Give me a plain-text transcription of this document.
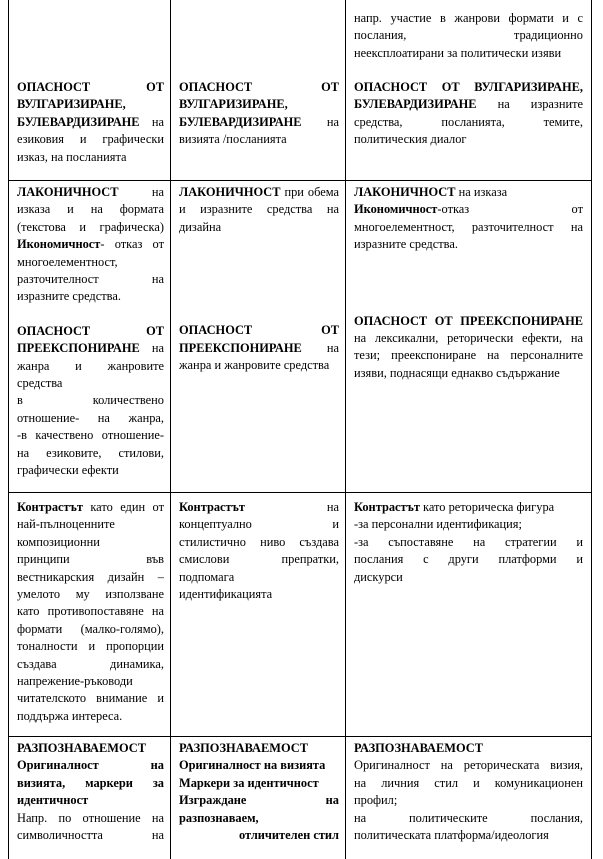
напр. участие в жанрови формати и с

послания, традиционно

неексплоатирани за политически изяви

ОПАСНОСТ ОТ

ВУЛГАРИЗИРАНЕ,

БУЛЕВАРДИЗИРАНЕ на

езиковия и графически

изказ, на посланията

ОПАСНОСТ ОТ

ВУЛГАРИЗИРАНЕ,

БУЛЕВАРДИЗИРАНЕ на

визията /посланията

ОПАСНОСТ ОТ ВУЛГАРИЗИРАНЕ,

БУЛЕВАРДИЗИРАНЕ на изразните

средства, посланията, темите,

политическия диалог

ЛАКОНИЧНОСТ на

изказа и на формата

(текстова и графическа)

Икономичност- отказ от

многоелементност,

разточителност на

изразните средства.

ОПАСНОСТ ОТ

ПРЕЕКСПОНИРАНЕ на

жанра и жанровите

средства

в количествено

отношение- на жанра,

-в качествено отношение-

на езиковите, стилови,

графически ефекти

ЛАКОНИЧНОСТ при обема

и изразните средства на

дизайна

ОПАСНОСТ ОТ

ПРЕЕКСПОНИРАНЕ на

жанра и жанровите средства

ЛАКОНИЧНОСТ на изказа

Икономичност-отказ от

многоелементност, разточителност на

изразните средства.

ОПАСНОСТ ОТ ПРЕЕКСПОНИРАНЕ

на лексикални, реторически ефекти, на

тези; преекспониране на персоналните

изяви, поднасящи еднакво съдържание

Контрастът като един от

най-пълноценните

композиционни

принципи във

вестникарския дизайн –

умелото му използване

като противопоставяне на

формати (малко-голямо),

тоналности и пропорции

създава динамика,

напрежение-ръководи

читателското внимание и

поддържа интереса.

Контрастът на

концептуално и

стилистично ниво създава

смислови препратки,

подпомага

идентификацията

Контрастът като реторическа фигура

-за персонални идентификация;

-за съпоставяне на стратегии и

послания с други платформи и

дискурси

РАЗПОЗНАВАЕМОСТ

Оригиналност на

визията, маркери за

идентичност

Напр. по отношение на

символичността на

РАЗПОЗНАВАЕМОСТ

Оригиналност на визията

Маркери за идентичност

Изграждане на

разпознаваем,

отличителен стил

РАЗПОЗНАВАЕМОСТ

Оригиналност на реторическата визия,

на личния стил и комуникационен

профил;

на политическите послания,

политическата платформа/идеология
